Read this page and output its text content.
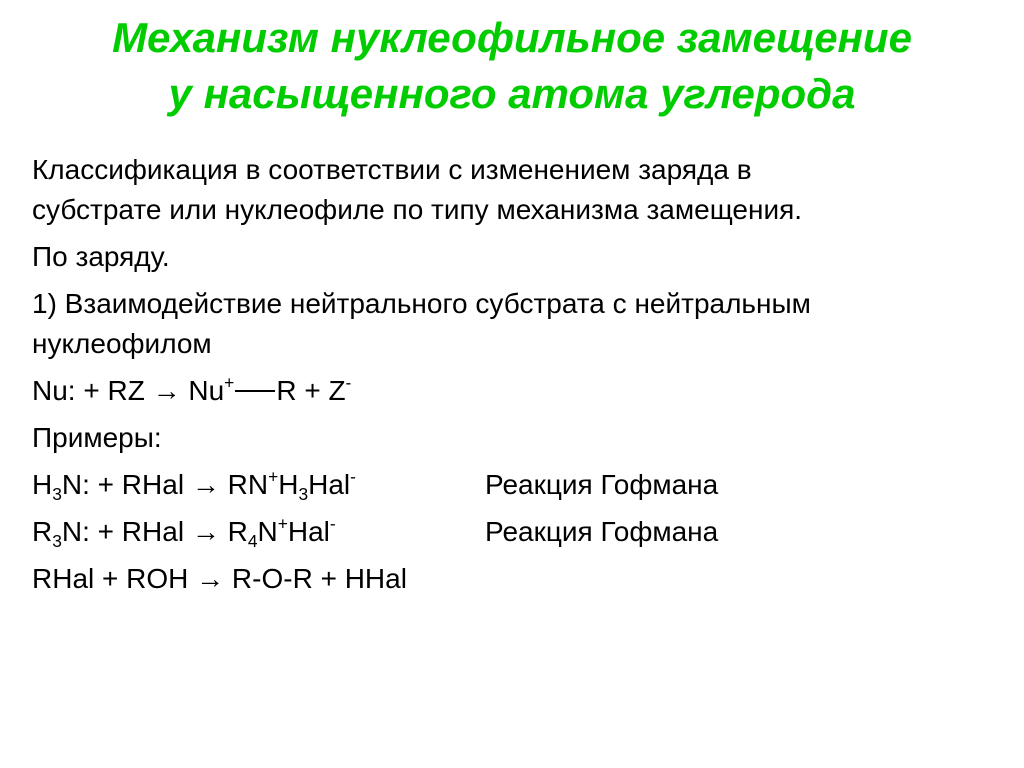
Механизм нуклеофильное замещение
у насыщенного атома углерода
Классификация в соответствии с изменением заряда в
субстрате или нуклеофиле по типу механизма замещения.
По заряду.
1) Взаимодействие нейтрального субстрата с нейтральным
нуклеофилом
Nu: + RZ → Nu+ R + Z-
Примеры:
$H_3N$: + RHal → $RN^+H_3Hal^-$	Реакция Гофмана
$R_3N$: + RHal → $R_4N^+Hal^-$	Реакция Гофмана
RHal + ROH → R-O-R + HHal
